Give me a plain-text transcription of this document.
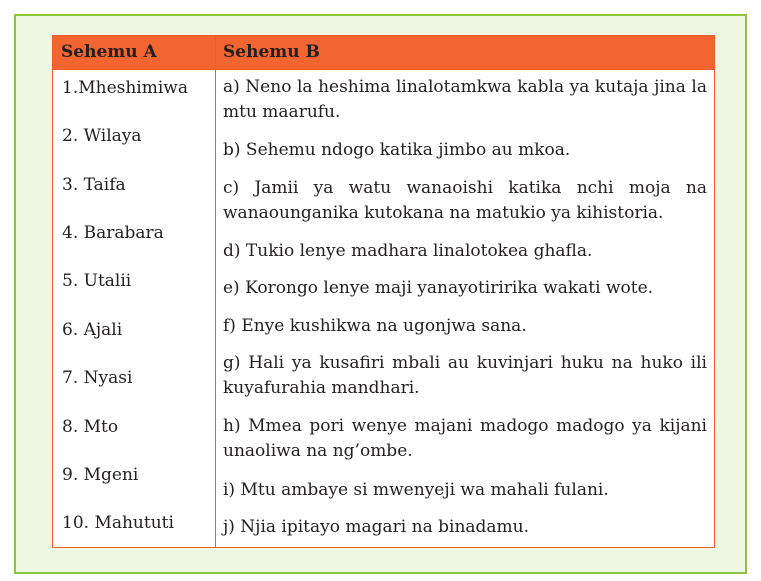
Sehemu A	Sehemu B
1.Mheshimiwa
2. Wilaya
3. Taifa
4. Barabara
5. Utalii
6. Ajali
7. Nyasi
8. Mto
9. Mgeni
10. Mahututi
a) Neno la heshima linalotamkwa kabla ya kutaja jina la mtu maarufu.
b) Sehemu ndogo katika jimbo au mkoa.
c) Jamii ya watu wanaoishi katika nchi moja na wanaounganika kutokana na matukio ya kihistoria.
d) Tukio lenye madhara linalotokea ghafla.
e) Korongo lenye maji yanayotiririka wakati wote.
f) Enye kushikwa na ugonjwa sana.
g) Hali ya kusafiri mbali au kuvinjari huku na huko ili kuyafurahia mandhari.
h) Mmea pori wenye majani madogo madogo ya kijani unaoliwa na ng’ombe.
i) Mtu ambaye si mwenyeji wa mahali fulani.
j) Njia ipitayo magari na binadamu.
